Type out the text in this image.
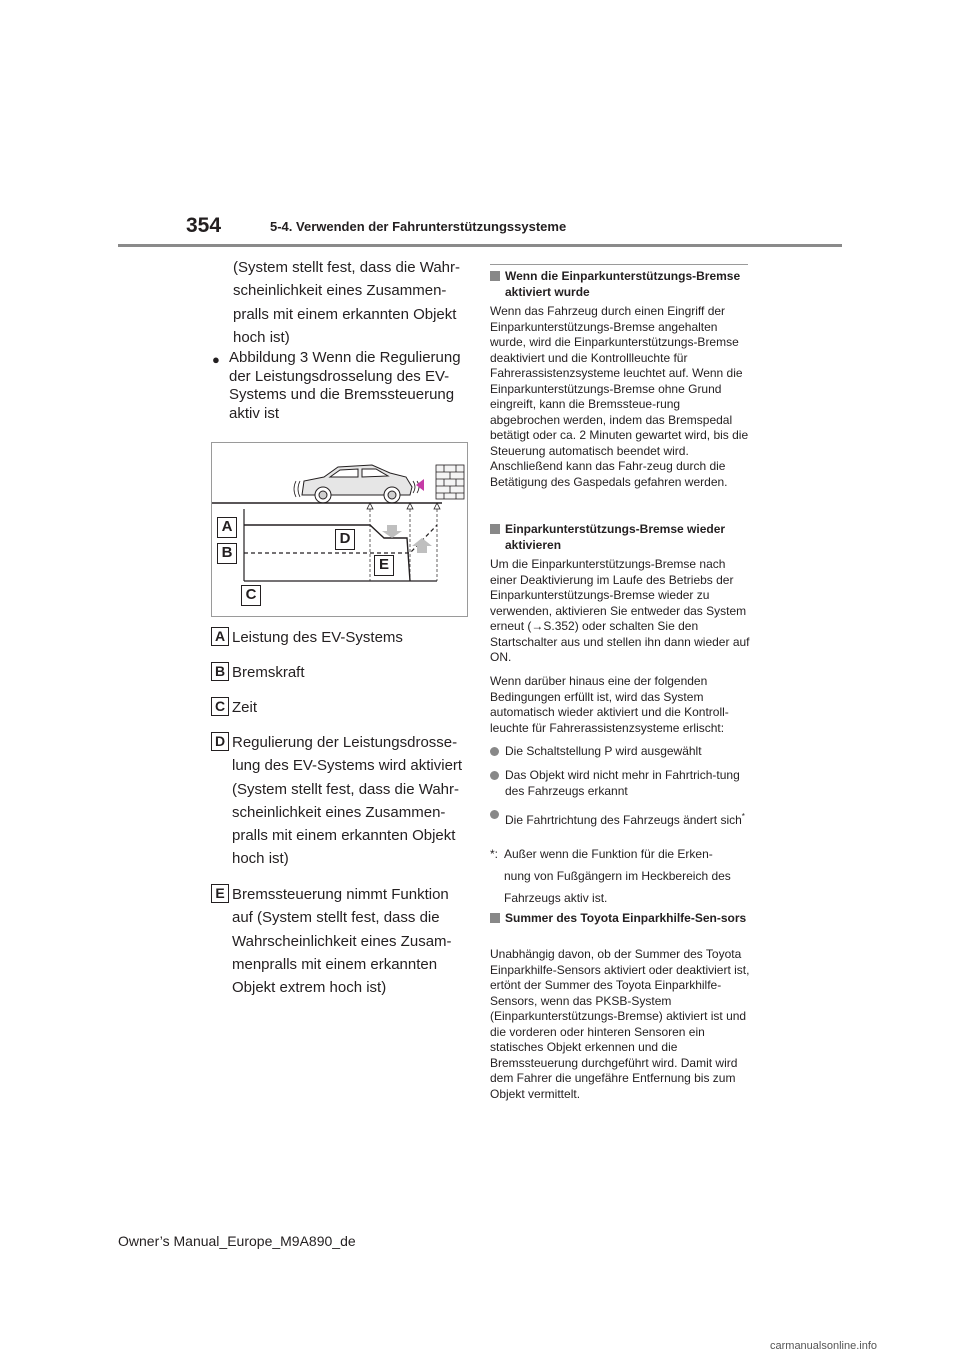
354	5-4. Verwenden der Fahrunterstützungssysteme
(System stellt fest, dass die Wahr-
scheinlichkeit eines Zusammen-
pralls mit einem erkannten Objekt
hoch ist)
● Abbildung 3 Wenn die Regulierung der Leistungsdrosselung des EV-Systems und die Bremssteuerung aktiv ist
A
B
C
D
E
A Leistung des EV-Systems
B Bremskraft
C Zeit
D Regulierung der Leistungsdrosse-
lung des EV-Systems wird aktiviert
(System stellt fest, dass die Wahr-
scheinlichkeit eines Zusammen-
pralls mit einem erkannten Objekt
hoch ist)
E Bremssteuerung nimmt Funktion
auf (System stellt fest, dass die
Wahrscheinlichkeit eines Zusam-
menpralls mit einem erkannten
Objekt extrem hoch ist)
Wenn die Einparkunterstützungs-Bremse aktiviert wurde
Wenn das Fahrzeug durch einen Eingriff der Einparkunterstützungs-Bremse angehalten wurde, wird die Einparkunterstützungs-Bremse deaktiviert und die Kontrollleuchte für Fahrerassistenzsysteme leuchtet auf. Wenn die Einparkunterstützungs-Bremse ohne Grund eingreift, kann die Bremssteue-rung abgebrochen werden, indem das Bremspedal betätigt oder ca. 2 Minuten gewartet wird, bis die Steuerung automatisch beendet wird. Anschließend kann das Fahr-zeug durch die Betätigung des Gaspedals gefahren werden.
Einparkunterstützungs-Bremse wieder aktivieren
Um die Einparkunterstützungs-Bremse nach einer Deaktivierung im Laufe des Betriebs der Einparkunterstützungs-Bremse wieder zu verwenden, aktivieren Sie entweder das System erneut (→S.352) oder schalten Sie den Startschalter aus und stellen ihn dann wieder auf ON.
Wenn darüber hinaus eine der folgenden Bedingungen erfüllt ist, wird das System automatisch wieder aktiviert und die Kontroll-leuchte für Fahrerassistenzsysteme erlischt:
Die Schaltstellung P wird ausgewählt
Das Objekt wird nicht mehr in Fahrtrich-tung des Fahrzeugs erkannt
Die Fahrtrichtung des Fahrzeugs ändert sich*
*: Außer wenn die Funktion für die Erken-
nung von Fußgängern im Heckbereich des
Fahrzeugs aktiv ist.
Summer des Toyota Einparkhilfe-Sen-sors
Unabhängig davon, ob der Summer des Toyota Einparkhilfe-Sensors aktiviert oder deaktiviert ist, ertönt der Summer des Toyota Einparkhilfe-Sensors, wenn das PKSB-System (Einparkunterstützungs-Bremse) aktiviert ist und die vorderen oder hinteren Sensoren ein statisches Objekt erkennen und die Bremssteuerung durchgeführt wird. Damit wird dem Fahrer die ungefähre Entfernung bis zum Objekt vermittelt.
Owner’s Manual_Europe_M9A890_de
carmanualsonline.info
